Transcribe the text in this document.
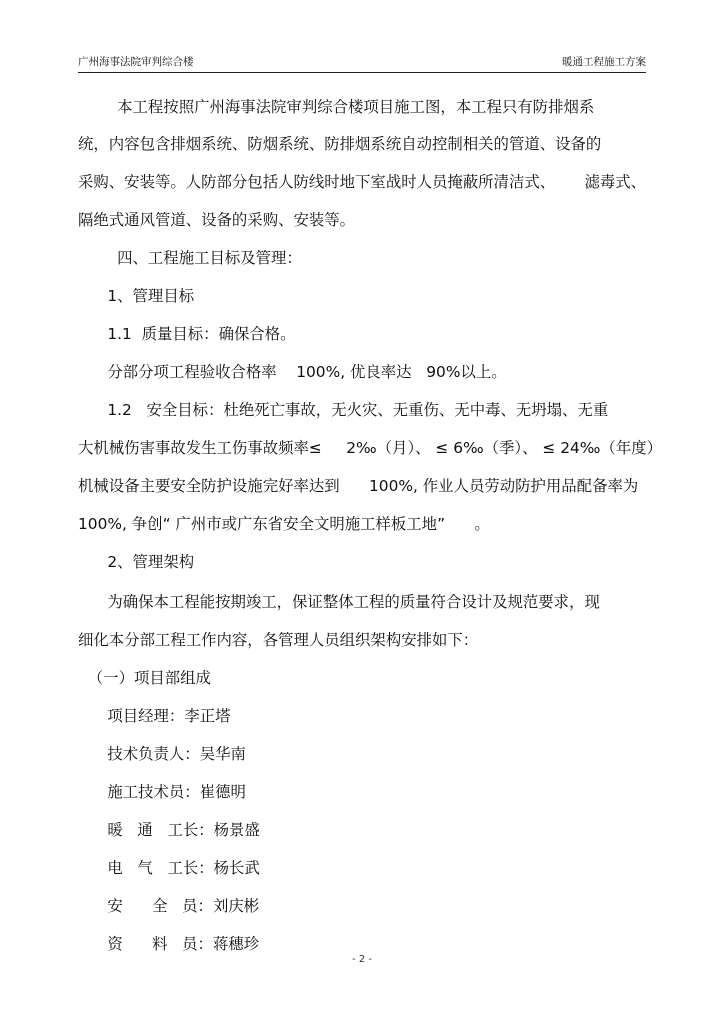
广州海事法院审判综合楼	暖通工程施工方案
本工程按照广州海事法院审判综合楼项目施工图，本工程只有防排烟系
统，内容包含排烟系统、防烟系统、防排烟系统自动控制相关的管道、设备的
采购、安装等。人防部分包括人防线时地下室战时人员掩蔽所清洁式、      滤毒式、
隔绝式通风管道、设备的采购、安装等。
四、工程施工目标及管理：
1、管理目标
1.1  质量目标：确保合格。
分部分项工程验收合格率    100%, 优良率达   90%以上。
1.2   安全目标：杜绝死亡事故，无火灾、无重伤、无中毒、无坍塌、无重
大机械伤害事故发生工伤事故频率≤     2‰（月）、 ≤ 6‰（季）、 ≤ 24‰（年度）
机械设备主要安全防护设施完好率达到      100%, 作业人员劳动防护用品配备率为
100%, 争创“ 广州市或广东省安全文明施工样板工地”      。
2、管理架构
为确保本工程能按期竣工，保证整体工程的质量符合设计及规范要求，现
细化本分部工程工作内容，各管理人员组织架构安排如下：
（一）项目部组成
项目经理：李正塔
技术负责人：吴华南
施工技术员：崔德明
暖   通   工长：杨景盛
电   气   工长：杨长武
安      全   员：刘庆彬
资      料   员：蒋穗珍
- 2 -
